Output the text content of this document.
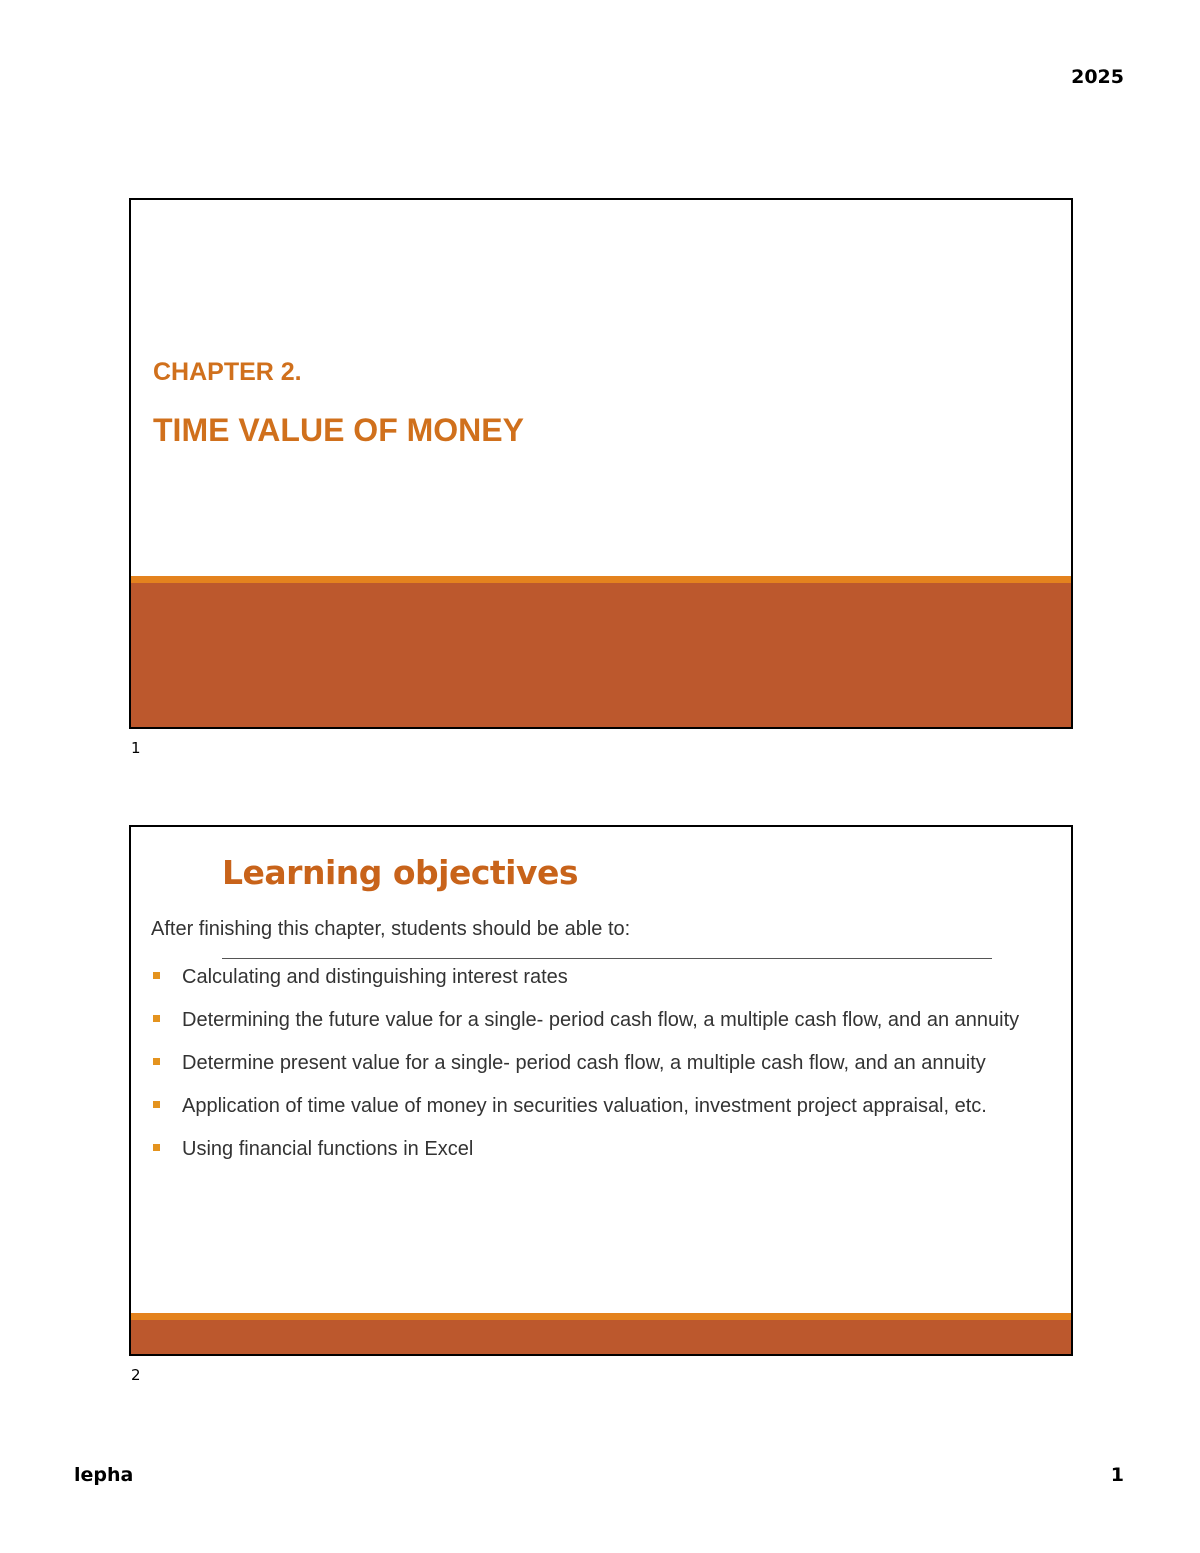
2025
CHAPTER 2.
TIME VALUE OF MONEY
1
Learning objectives
After finishing this chapter, students should be able to:
Calculating and distinguishing interest rates
Determining the future value for a single- period cash flow, a multiple cash flow, and an annuity
Determine present value for a single- period cash flow, a multiple cash flow, and an annuity
Application of time value of money in securities valuation, investment project appraisal, etc.
Using financial functions in Excel
2
lepha	1
